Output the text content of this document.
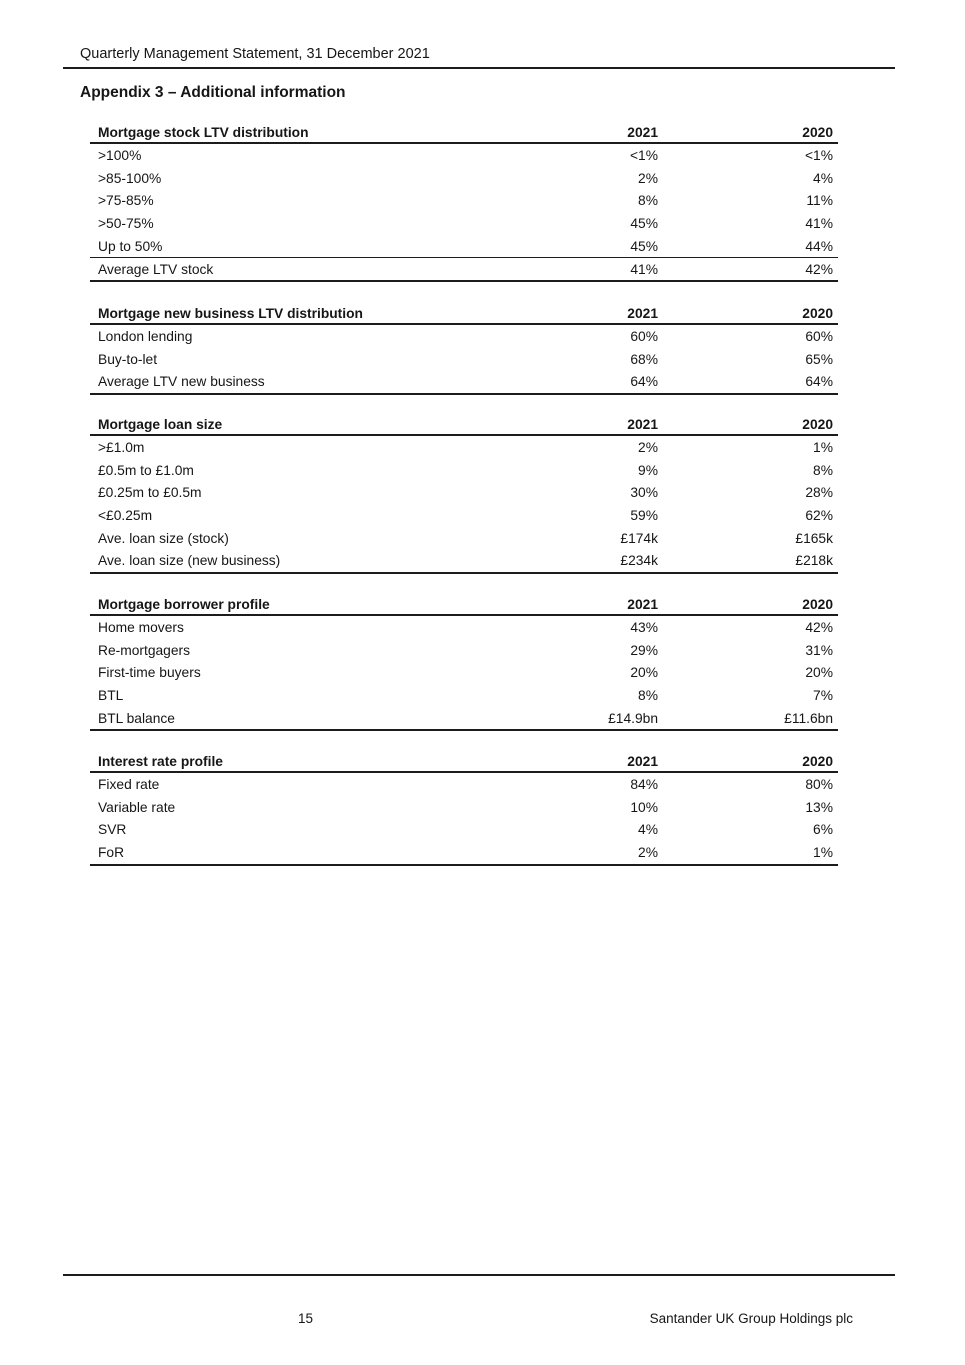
Quarterly Management Statement, 31 December 2021
Appendix 3 – Additional information
Mortgage stock LTV distribution	2021	2020
>100%	<1%	<1%
>85-100%	2%	4%
>75-85%	8%	11%
>50-75%	45%	41%
Up to 50%	45%	44%
Average LTV stock	41%	42%
Mortgage new business LTV distribution	2021	2020
London lending	60%	60%
Buy-to-let	68%	65%
Average LTV new business	64%	64%
Mortgage loan size	2021	2020
>£1.0m	2%	1%
£0.5m to £1.0m	9%	8%
£0.25m to £0.5m	30%	28%
<£0.25m	59%	62%
Ave. loan size (stock)	£174k	£165k
Ave. loan size (new business)	£234k	£218k
Mortgage borrower profile	2021	2020
Home movers	43%	42%
Re-mortgagers	29%	31%
First-time buyers	20%	20%
BTL	8%	7%
BTL balance	£14.9bn	£11.6bn
Interest rate profile	2021	2020
Fixed rate	84%	80%
Variable rate	10%	13%
SVR	4%	6%
FoR	2%	1%
15	Santander UK Group Holdings plc
